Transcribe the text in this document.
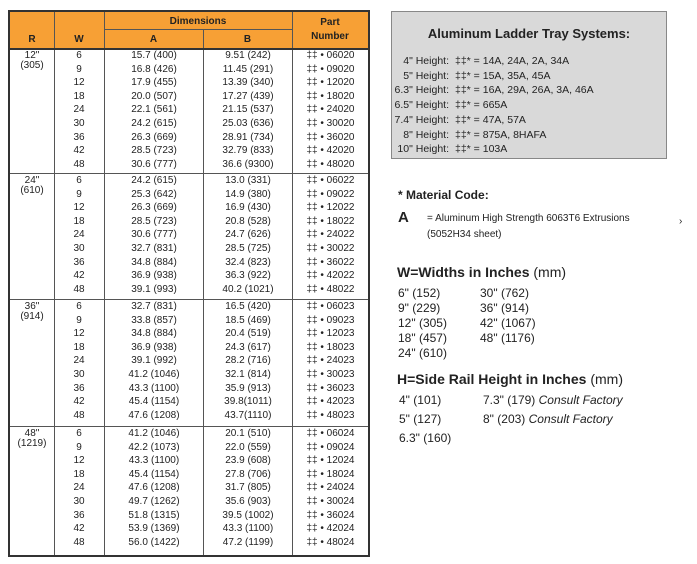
R	W
Dimensions
A	B
Part
Number
12"
(305)
6	15.7 (400)	9.51 (242)	‡‡ • 06020
9	16.8 (426)	11.45 (291)	‡‡ • 09020
12	17.9 (455)	13.39 (340)	‡‡ • 12020
18	20.0 (507)	17.27 (439)	‡‡ • 18020
24	22.1 (561)	21.15 (537)	‡‡ • 24020
30	24.2 (615)	25.03 (636)	‡‡ • 30020
36	26.3 (669)	28.91 (734)	‡‡ • 36020
42	28.5 (723)	32.79 (833)	‡‡ • 42020
48	30.6 (777)	36.6 (9300)	‡‡ • 48020
24"
(610)
6	24.2 (615)	13.0 (331)	‡‡ • 06022
9	25.3 (642)	14.9 (380)	‡‡ • 09022
12	26.3 (669)	16.9 (430)	‡‡ • 12022
18	28.5 (723)	20.8 (528)	‡‡ • 18022
24	30.6 (777)	24.7 (626)	‡‡ • 24022
30	32.7 (831)	28.5 (725)	‡‡ • 30022
36	34.8 (884)	32.4 (823)	‡‡ • 36022
42	36.9 (938)	36.3 (922)	‡‡ • 42022
48	39.1 (993)	40.2 (1021)	‡‡ • 48022
36"
(914)
6	32.7 (831)	16.5 (420)	‡‡ • 06023
9	33.8 (857)	18.5 (469)	‡‡ • 09023
12	34.8 (884)	20.4 (519)	‡‡ • 12023
18	36.9 (938)	24.3 (617)	‡‡ • 18023
24	39.1 (992)	28.2 (716)	‡‡ • 24023
30	41.2 (1046)	32.1 (814)	‡‡ • 30023
36	43.3 (1100)	35.9 (913)	‡‡ • 36023
42	45.4 (1154)	39.8(1011)	‡‡ • 42023
48	47.6 (1208)	43.7(1110)	‡‡ • 48023
48"
(1219)
6	41.2 (1046)	20.1 (510)	‡‡ • 06024
9	42.2 (1073)	22.0 (559)	‡‡ • 09024
12	43.3 (1100)	23.9 (608)	‡‡ • 12024
18	45.4 (1154)	27.8 (706)	‡‡ • 18024
24	47.6 (1208)	31.7 (805)	‡‡ • 24024
30	49.7 (1262)	35.6 (903)	‡‡ • 30024
36	51.8 (1315)	39.5 (1002)	‡‡ • 36024
42	53.9 (1369)	43.3 (1100)	‡‡ • 42024
48	56.0 (1422)	47.2 (1199)	‡‡ • 48024
Aluminum Ladder Tray Systems:
4" Height: ‡‡* = 14A, 24A, 2A, 34A
5" Height: ‡‡* = 15A, 35A, 45A
6.3" Height: ‡‡* = 16A, 29A, 26A, 3A, 46A
6.5" Height: ‡‡* = 665A
7.4" Height: ‡‡* = 47A, 57A
8" Height: ‡‡* = 875A, 8HAFA
10" Height: ‡‡* = 103A
* Material Code:
A = Aluminum High Strength 6063T6 Extrusions
(5052H34 sheet)
›
W=Widths in Inches (mm)
6" (152)
9" (229)
12" (305)
18" (457)
24" (610)
30" (762)
36" (914)
42" (1067)
48" (1176)
H=Side Rail Height in Inches (mm)
4" (101)
5" (127)
6.3" (160)
7.3" (179) Consult Factory
8" (203) Consult Factory
